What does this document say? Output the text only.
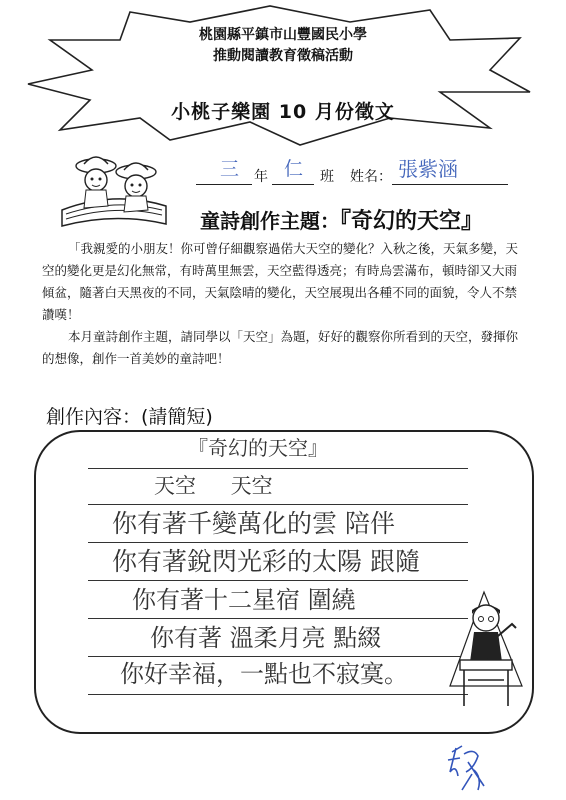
桃園縣平鎮市山豐國民小學
推動閱讀教育徵稿活動
小桃子樂園 10 月份徵文
三 年 仁 班 姓名： 張紫涵
童詩創作主題：『奇幻的天空』
「我親愛的小朋友！你可曾仔細觀察過偌大天空的變化？入秋之後，天氣多變，天空的變化更是幻化無常，有時萬里無雲，天空藍得透亮；有時烏雲滿布，頓時卻又大雨傾盆，隨著白天黑夜的不同，天氣陰晴的變化，天空展現出各種不同的面貌，令人不禁讚嘆！
本月童詩創作主題，請同學以「天空」為題，好好的觀察你所看到的天空，發揮你的想像，創作一首美妙的童詩吧！
創作內容：(請簡短)
『奇幻的天空』
天空 天空
你有著千變萬化的雲 陪伴
你有著銳閃光彩的太陽 跟隨
你有著十二星宿 圍繞
你有著 溫柔月亮 點綴
你好幸福，一點也不寂寞。
